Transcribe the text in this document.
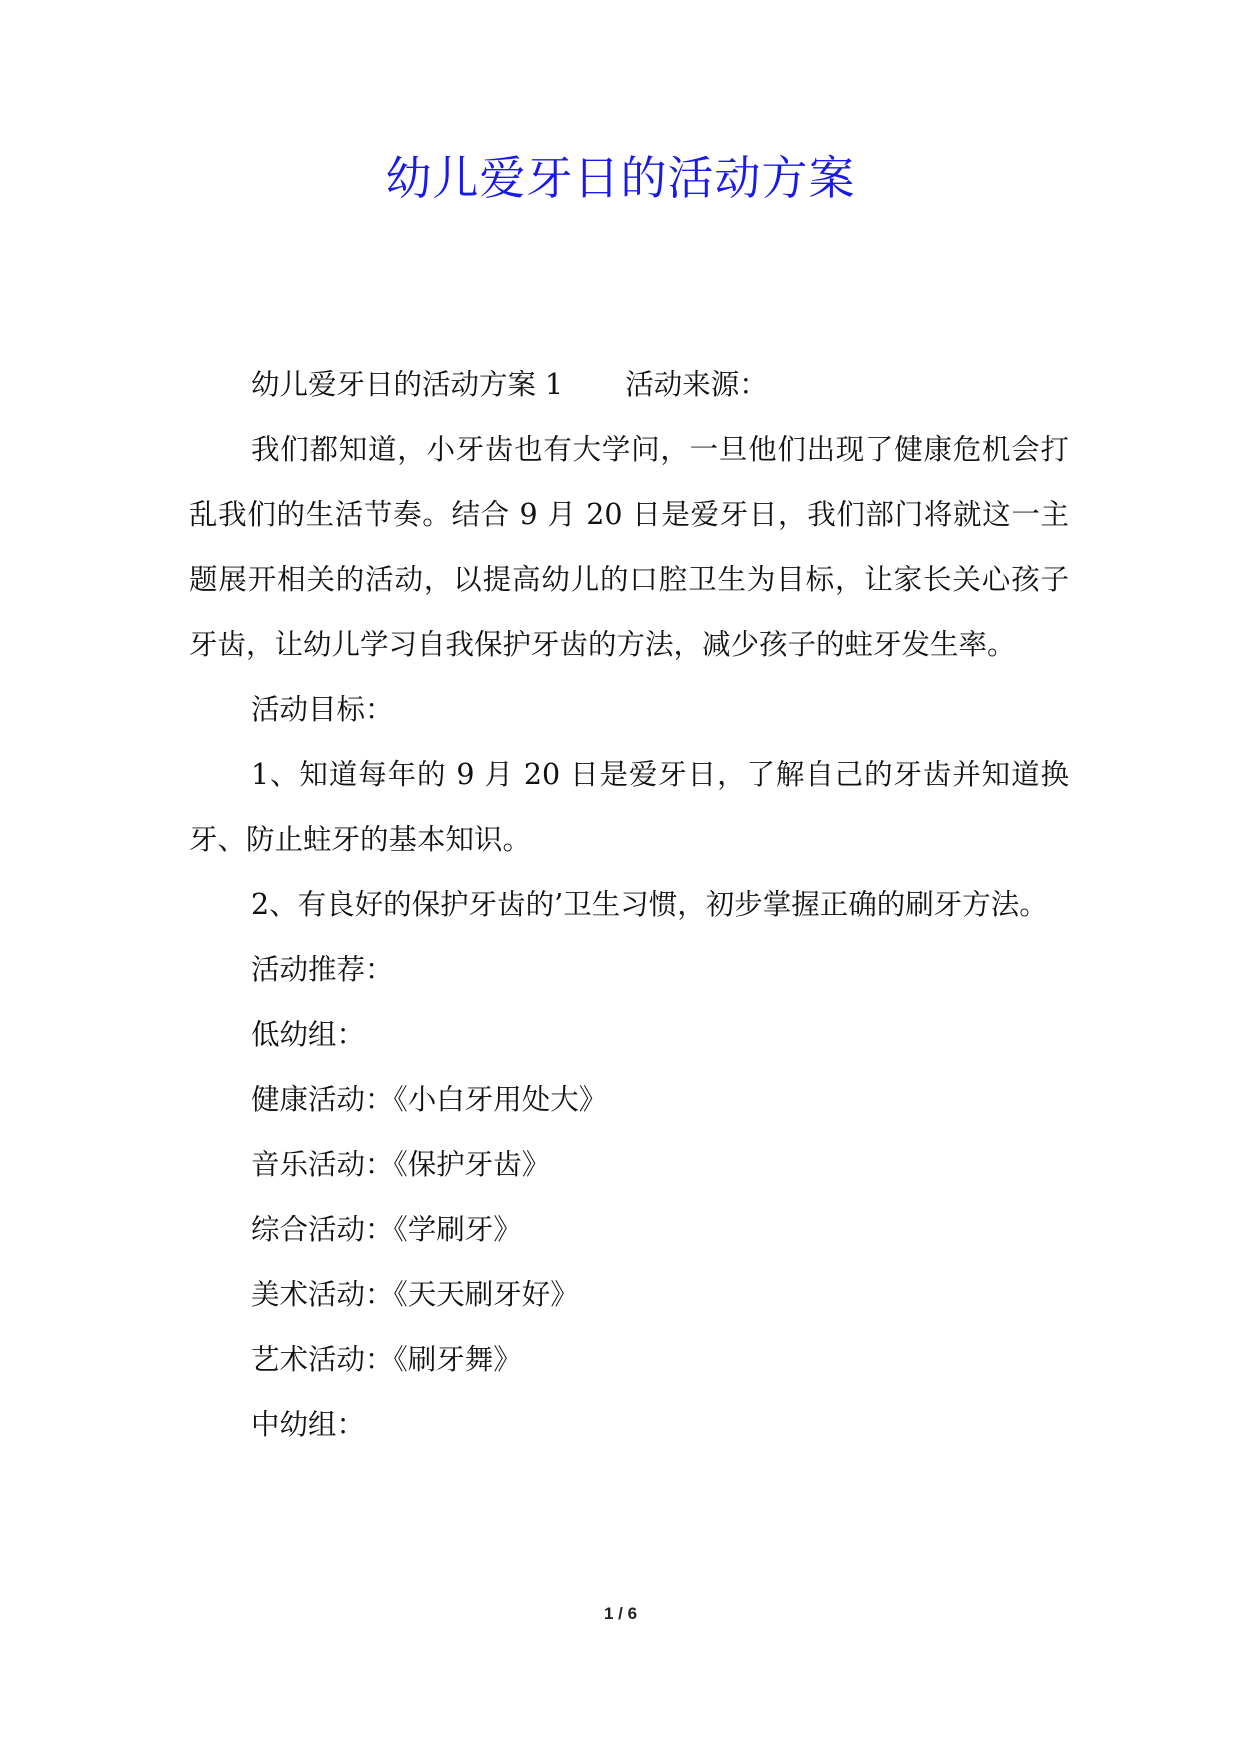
幼儿爱牙日的活动方案

幼儿爱牙日的活动方案 1 活动来源：

我们都知道，小牙齿也有大学问，一旦他们出现了健康危机会打乱我们的生活节奏。结合 9 月 20 日是爱牙日，我们部门将就这一主题展开相关的活动，以提高幼儿的口腔卫生为目标，让家长关心孩子牙齿，让幼儿学习自我保护牙齿的方法，减少孩子的蛀牙发生率。

活动目标：

1、知道每年的 9 月 20 日是爱牙日，了解自己的牙齿并知道换牙、防止蛀牙的基本知识。

2、有良好的保护牙齿的’卫生习惯，初步掌握正确的刷牙方法。

活动推荐：

低幼组：

健康活动：《小白牙用处大》

音乐活动：《保护牙齿》

综合活动：《学刷牙》

美术活动：《天天刷牙好》

艺术活动：《刷牙舞》

中幼组：

1 / 6
